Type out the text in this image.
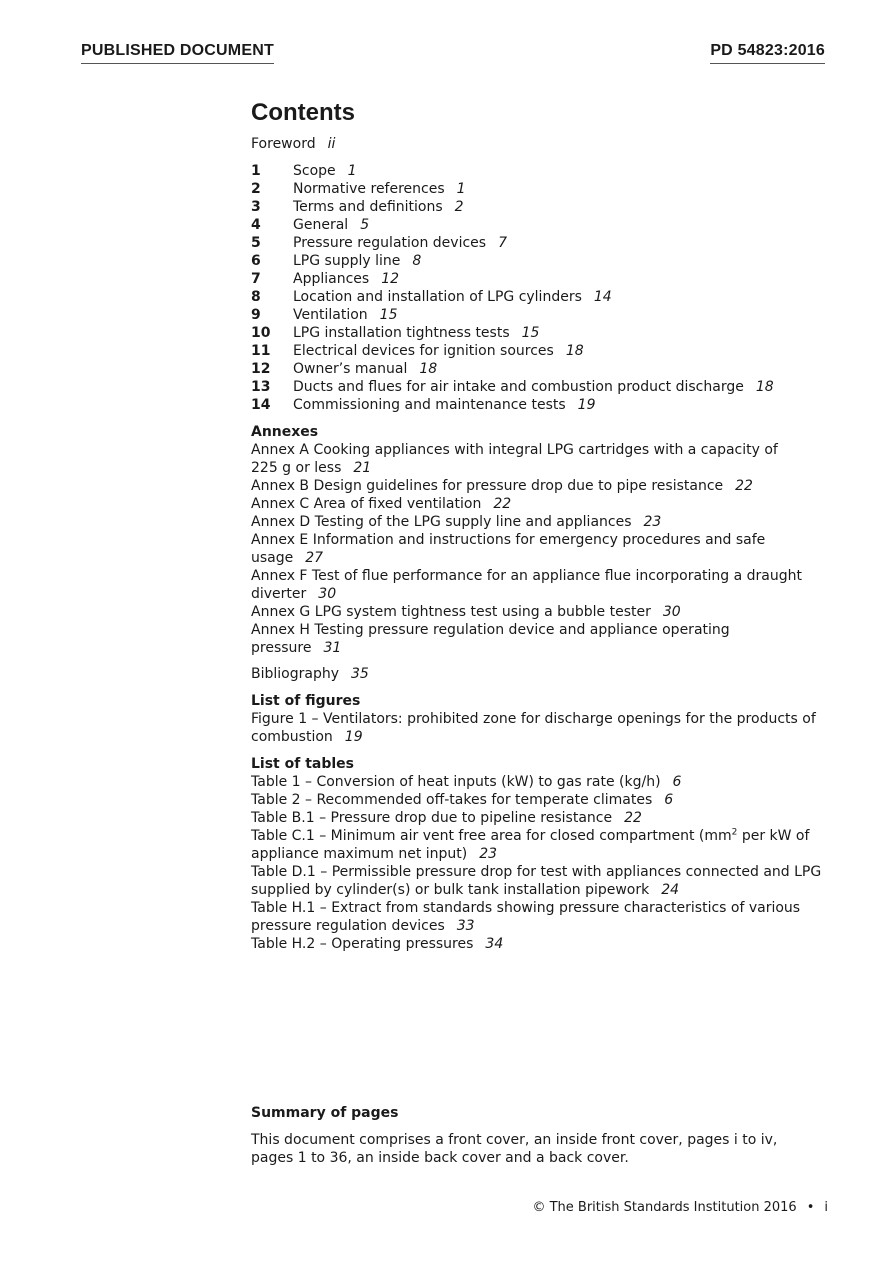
PUBLISHED DOCUMENT	PD 54823:2016
Contents
Foreword ii
1	Scope 1
2	Normative references 1
3	Terms and definitions 2
4	General 5
5	Pressure regulation devices 7
6	LPG supply line 8
7	Appliances 12
8	Location and installation of LPG cylinders 14
9	Ventilation 15
10	LPG installation tightness tests 15
11	Electrical devices for ignition sources 18
12	Owner’s manual 18
13	Ducts and flues for air intake and combustion product discharge 18
14	Commissioning and maintenance tests 19
Annexes
Annex A Cooking appliances with integral LPG cartridges with a capacity of 225 g or less 21
Annex B Design guidelines for pressure drop due to pipe resistance 22
Annex C Area of fixed ventilation 22
Annex D Testing of the LPG supply line and appliances 23
Annex E Information and instructions for emergency procedures and safe usage 27
Annex F Test of flue performance for an appliance flue incorporating a draught diverter 30
Annex G LPG system tightness test using a bubble tester 30
Annex H Testing pressure regulation device and appliance operating pressure 31
Bibliography 35
List of figures
Figure 1 – Ventilators: prohibited zone for discharge openings for the products of combustion 19
List of tables
Table 1 – Conversion of heat inputs (kW) to gas rate (kg/h) 6
Table 2 – Recommended off-takes for temperate climates 6
Table B.1 – Pressure drop due to pipeline resistance 22
Table C.1 – Minimum air vent free area for closed compartment ($mm^2$ per kW of appliance maximum net input) 23
Table D.1 – Permissible pressure drop for test with appliances connected and LPG supplied by cylinder(s) or bulk tank installation pipework 24
Table H.1 – Extract from standards showing pressure characteristics of various pressure regulation devices 33
Table H.2 – Operating pressures 34
Summary of pages
This document comprises a front cover, an inside front cover, pages i to iv, pages 1 to 36, an inside back cover and a back cover.
© The British Standards Institution 2016 • i
